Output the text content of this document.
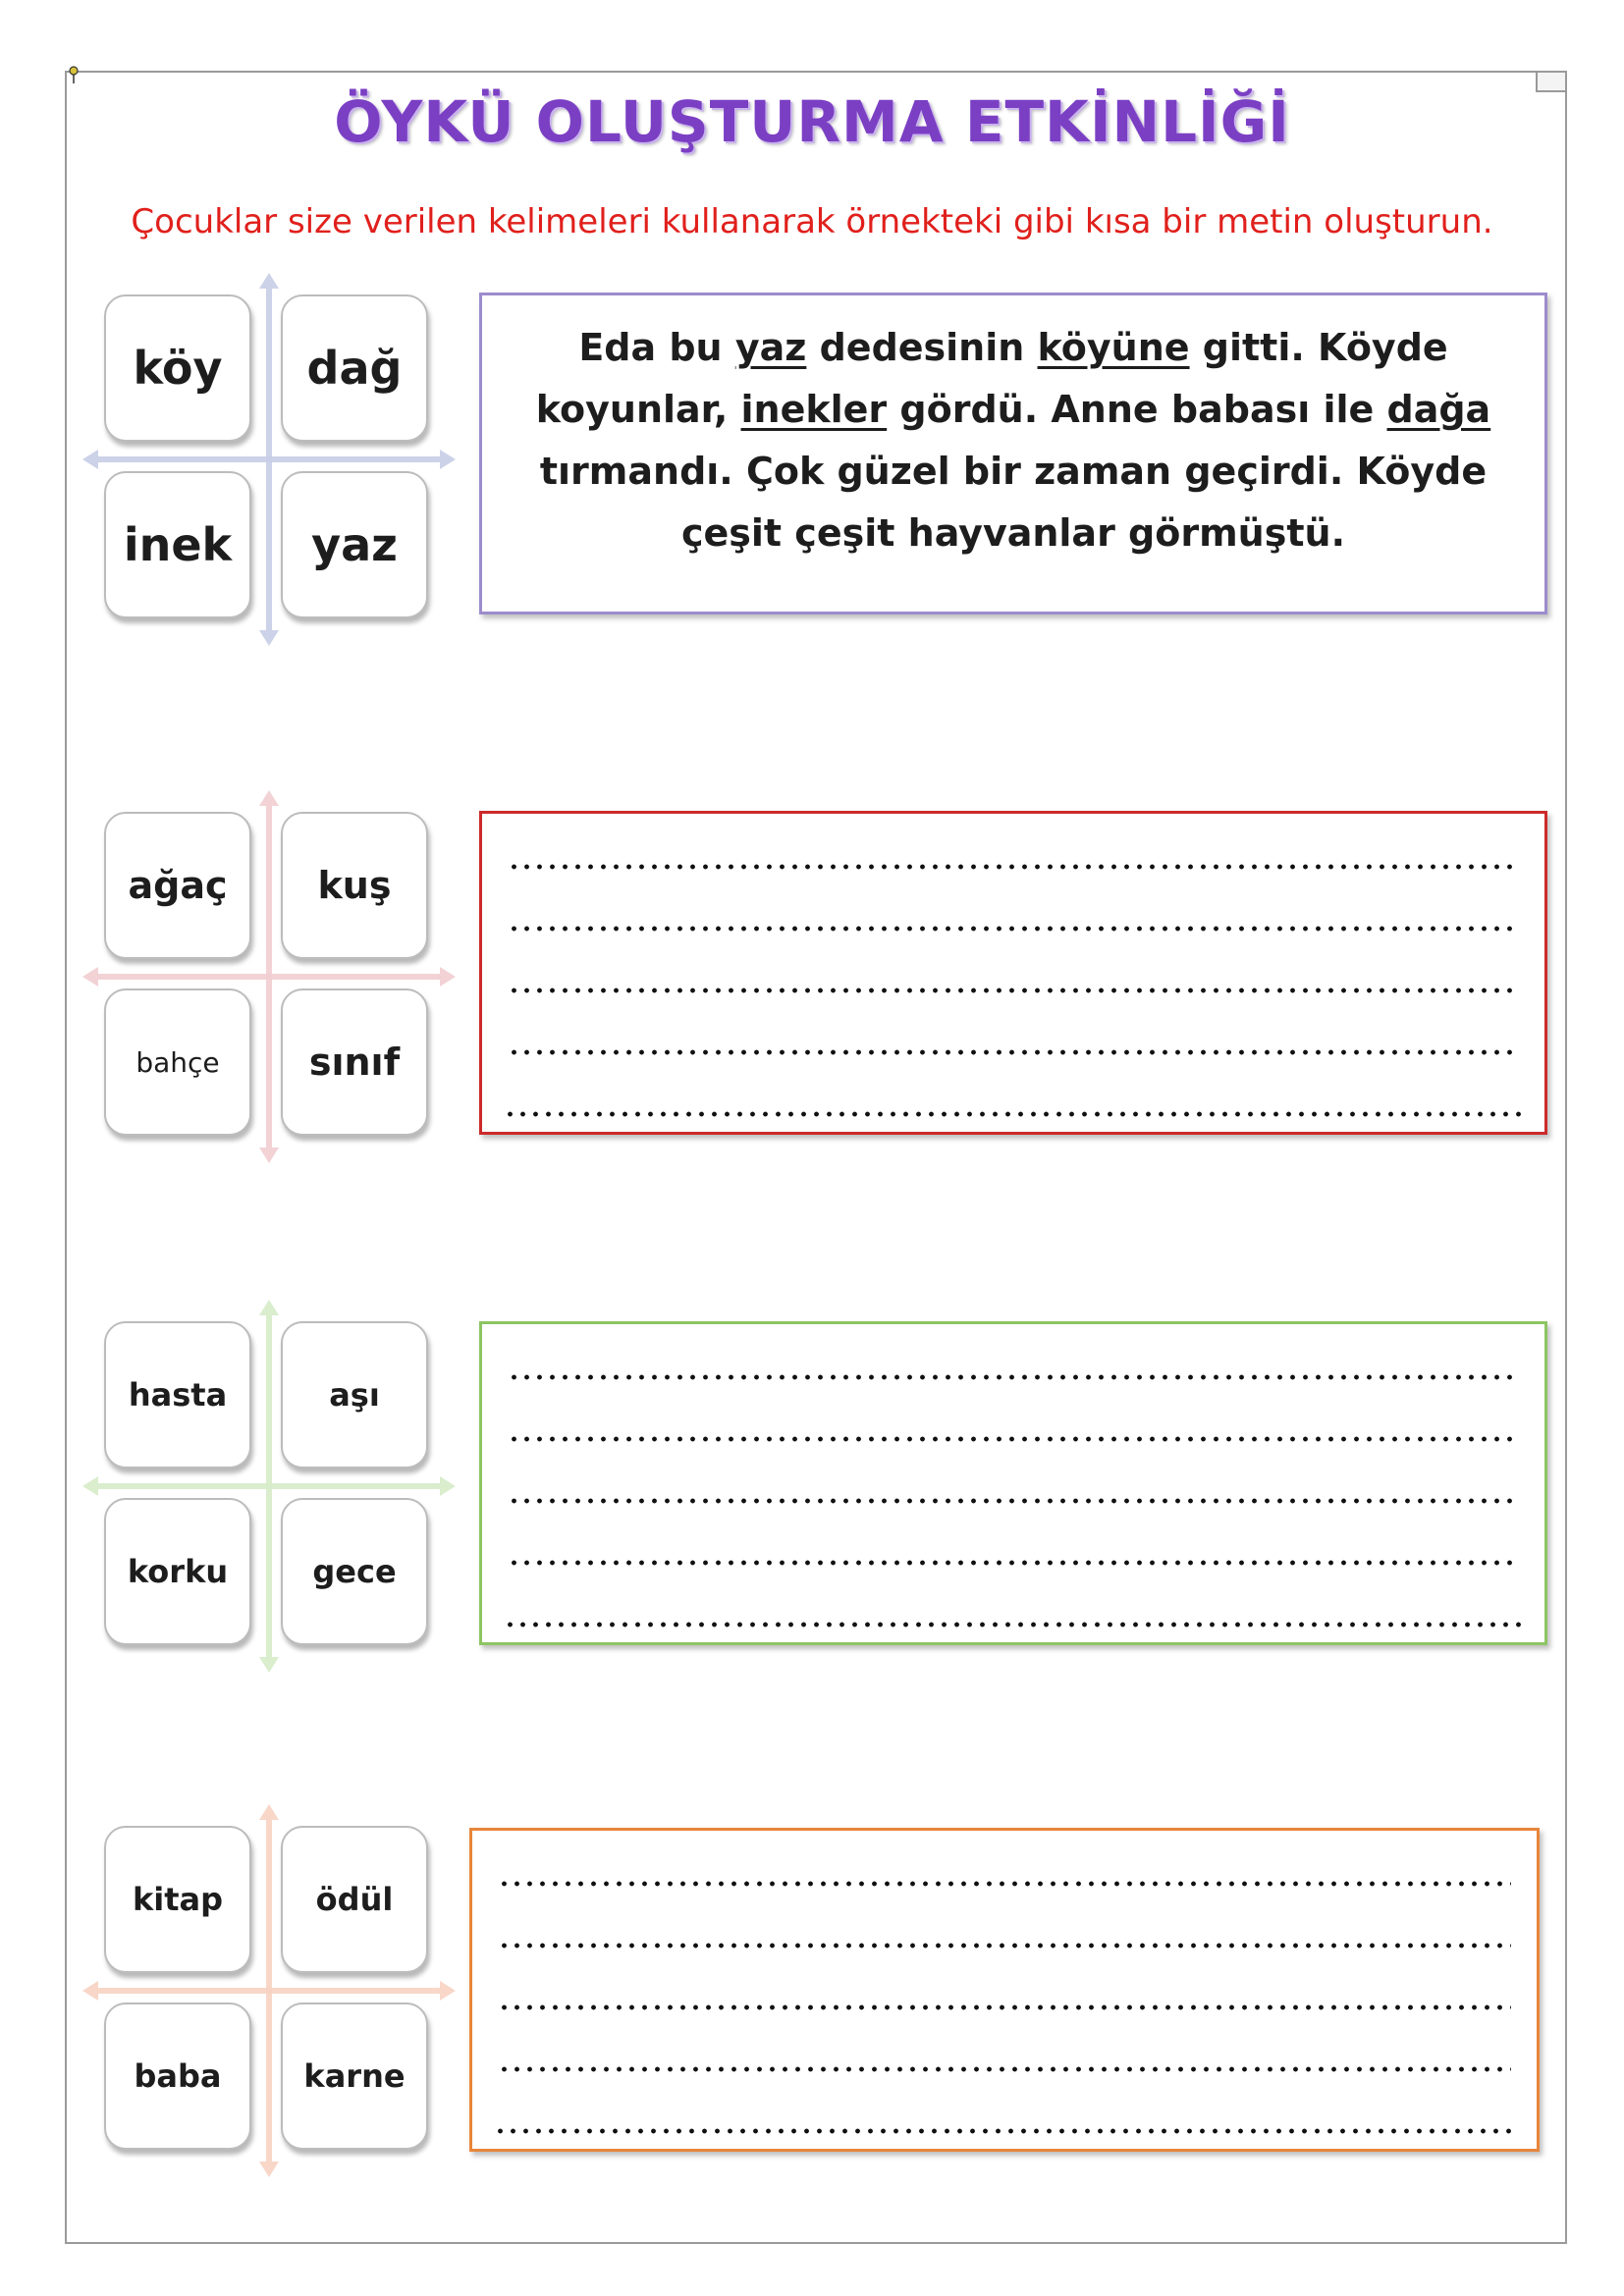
ÖYKÜ OLUŞTURMA ETKİNLİĞİ
Çocuklar size verilen kelimeleri kullanarak örnekteki gibi kısa bir metin oluşturun.
köy	dağ
inek	yaz
Eda bu yaz dedesinin köyüne gitti. Köyde
koyunlar, inekler gördü. Anne babası ile dağa
tırmandı. Çok güzel bir zaman geçirdi. Köyde
çeşit çeşit hayvanlar görmüştü.
ağaç	kuş
bahçe	sınıf
hasta	aşı
korku	gece
kitap	ödül
baba	karne
